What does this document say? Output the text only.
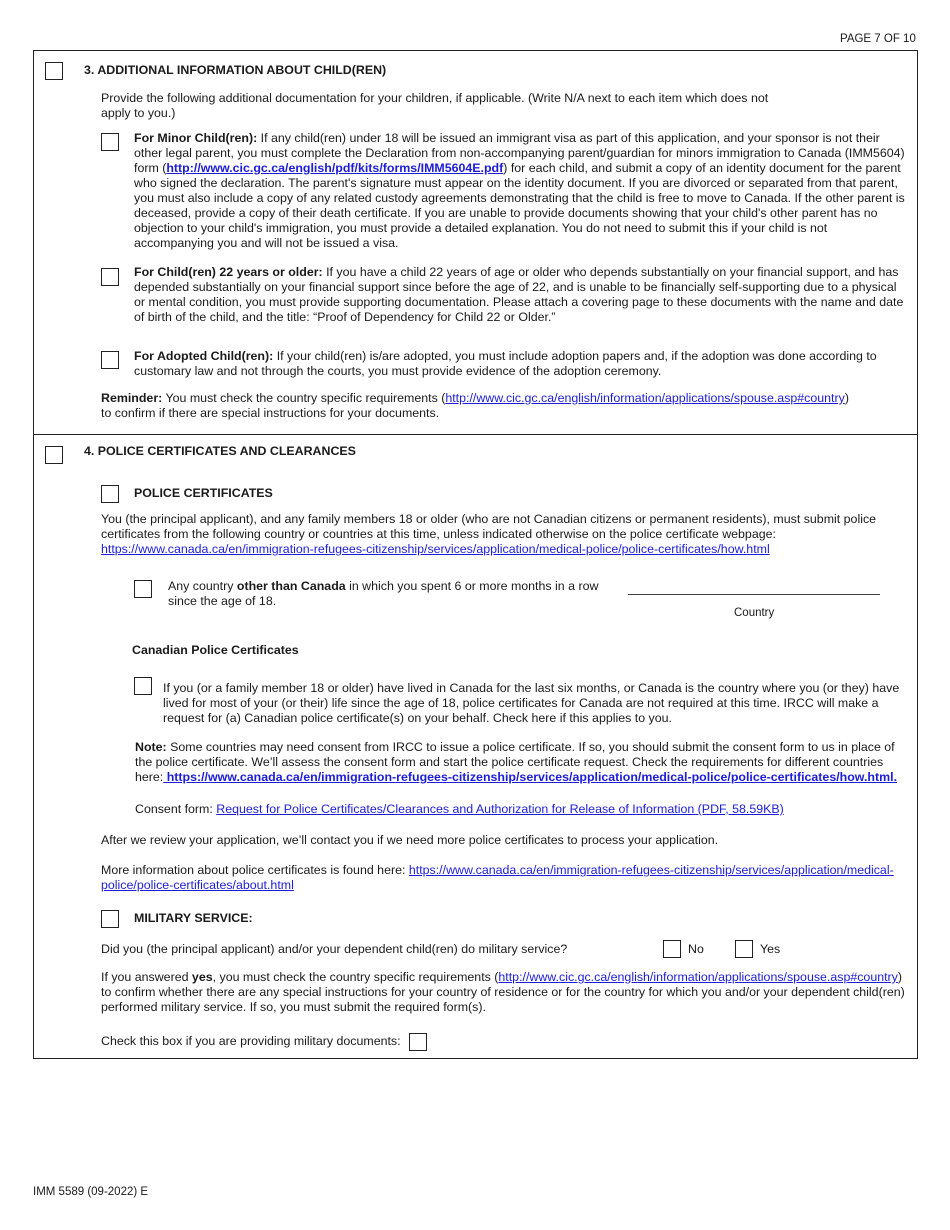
PAGE 7 OF 10
3. ADDITIONAL INFORMATION ABOUT CHILD(REN)
Provide the following additional documentation for your children, if applicable. (Write N/A next to each item which does not apply to you.)
For Minor Child(ren): If any child(ren) under 18 will be issued an immigrant visa as part of this application, and your sponsor is not their other legal parent, you must complete the Declaration from non-accompanying parent/guardian for minors immigration to Canada (IMM5604) form (http://www.cic.gc.ca/english/pdf/kits/forms/IMM5604E.pdf) for each child, and submit a copy of an identity document for the parent who signed the declaration. The parent's signature must appear on the identity document. If you are divorced or separated from that parent, you must also include a copy of any related custody agreements demonstrating that the child is free to move to Canada. If the other parent is deceased, provide a copy of their death certificate. If you are unable to provide documents showing that your child's other parent has no objection to your child's immigration, you must provide a detailed explanation. You do not need to submit this if your child is not accompanying you and will not be issued a visa.
For Child(ren) 22 years or older: If you have a child 22 years of age or older who depends substantially on your financial support, and has depended substantially on your financial support since before the age of 22, and is unable to be financially self-supporting due to a physical or mental condition, you must provide supporting documentation. Please attach a covering page to these documents with the name and date of birth of the child, and the title: “Proof of Dependency for Child 22 or Older.”
For Adopted Child(ren): If your child(ren) is/are adopted, you must include adoption papers and, if the adoption was done according to customary law and not through the courts, you must provide evidence of the adoption ceremony.
Reminder: You must check the country specific requirements (http://www.cic.gc.ca/english/information/applications/spouse.asp#country)
to confirm if there are special instructions for your documents.
4. POLICE CERTIFICATES AND CLEARANCES
POLICE CERTIFICATES
You (the principal applicant), and any family members 18 or older (who are not Canadian citizens or permanent residents), must submit police certificates from the following country or countries at this time, unless indicated otherwise on the police certificate webpage:
https://www.canada.ca/en/immigration-refugees-citizenship/services/application/medical-police/police-certificates/how.html
Any country other than Canada in which you spent 6 or more months in a row since the age of 18.
Country
Canadian Police Certificates
If you (or a family member 18 or older) have lived in Canada for the last six months, or Canada is the country where you (or they) have lived for most of your (or their) life since the age of 18, police certificates for Canada are not required at this time. IRCC will make a request for (a) Canadian police certificate(s) on your behalf. Check here if this applies to you.
Note: Some countries may need consent from IRCC to issue a police certificate. If so, you should submit the consent form to us in place of the police certificate. We’ll assess the consent form and start the police certificate request. Check the requirements for different countries here: https://www.canada.ca/en/immigration-refugees-citizenship/services/application/medical-police/police-certificates/how.html.
Consent form: Request for Police Certificates/Clearances and Authorization for Release of Information (PDF, 58.59KB)
After we review your application, we’ll contact you if we need more police certificates to process your application.
More information about police certificates is found here: https://www.canada.ca/en/immigration-refugees-citizenship/services/application/medical-police/police-certificates/about.html
MILITARY SERVICE:
Did you (the principal applicant) and/or your dependent child(ren) do military service?	No	Yes
If you answered yes, you must check the country specific requirements (http://www.cic.gc.ca/english/information/applications/spouse.asp#country) to confirm whether there are any special instructions for your country of residence or for the country for which you and/or your dependent child(ren) performed military service. If so, you must submit the required form(s).
Check this box if you are providing military documents:
IMM 5589 (09-2022) E
